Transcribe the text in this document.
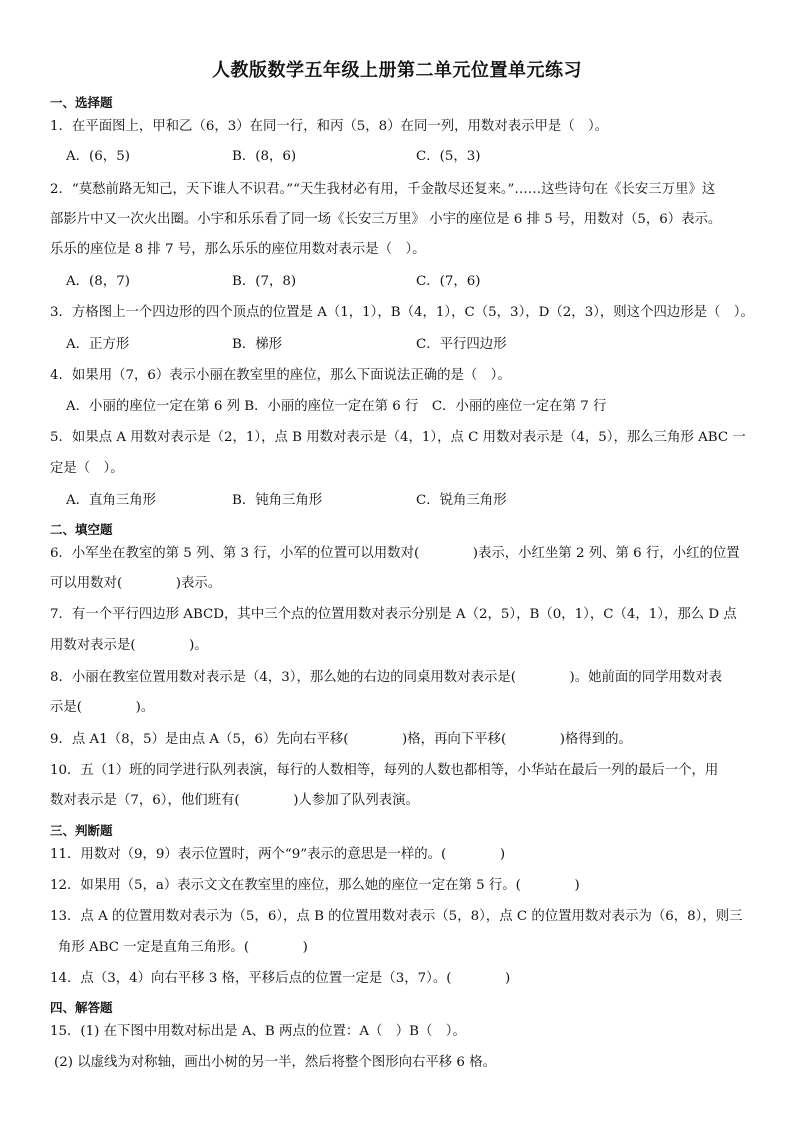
人教版数学五年级上册第二单元位置单元练习
一、选择题
1．在平面图上，甲和乙（6，3）在同一行，和丙（5，8）在同一列，用数对表示甲是（　）。
A．(6，5)	B．(8，6)	C．(5，3)
2．“莫愁前路无知己，天下谁人不识君。”“天生我材必有用，千金散尽还复来。”……这些诗句在《长安三万里》这
部影片中又一次火出圈。小宇和乐乐看了同一场《长安三万里》 小宇的座位是 6 排 5 号，用数对（5，6）表示。
乐乐的座位是 8 排 7 号，那么乐乐的座位用数对表示是（　）。
A．(8，7)	B．(7，8)	C．(7，6)
3．方格图上一个四边形的四个顶点的位置是 A（1，1），B（4，1），C（5，3），D（2，3），则这个四边形是（　）。
A．正方形	B．梯形	C．平行四边形
4．如果用（7，6）表示小丽在教室里的座位，那么下面说法正确的是（　）。
A．小丽的座位一定在第 6 列 B．小丽的座位一定在第 6 行　C．小丽的座位一定在第 7 行
5．如果点 A 用数对表示是（2，1），点 B 用数对表示是（4，1），点 C 用数对表示是（4，5），那么三角形 ABC 一
定是（　）。
A．直角三角形	B．钝角三角形	C．锐角三角形
二、填空题
6．小军坐在教室的第 5 列、第 3 行，小军的位置可以用数对(　　　　)表示，小红坐第 2 列、第 6 行，小红的位置
可以用数对(　　　　)表示。
7．有一个平行四边形 ABCD，其中三个点的位置用数对表示分别是 A（2，5），B（0，1），C（4，1），那么 D 点
用数对表示是(　　　　)。
8．小丽在教室位置用数对表示是（4，3），那么她的右边的同桌用数对表示是(　　　　)。她前面的同学用数对表
示是(　　　　)。
9．点 A1（8，5）是由点 A（5，6）先向右平移(　　　　)格，再向下平移(　　　　)格得到的。
10．五（1）班的同学进行队列表演，每行的人数相等，每列的人数也都相等，小华站在最后一列的最后一个，用
数对表示是（7，6），他们班有(　　　　)人参加了队列表演。
三、判断题
11．用数对（9，9）表示位置时，两个“9”表示的意思是一样的。(　　　　)
12．如果用（5，a）表示文文在教室里的座位，那么她的座位一定在第 5 行。(　　　　)
13．点 A 的位置用数对表示为（5，6），点 B 的位置用数对表示（5，8），点 C 的位置用数对表示为（6，8），则三
角形 ABC 一定是直角三角形。(　　　　)
14．点（3，4）向右平移 3 格，平移后点的位置一定是（3，7）。(　　　　)
四、解答题
15．(1) 在下图中用数对标出是 A、B 两点的位置：A（　）B（　）。
(2) 以虚线为对称轴，画出小树的另一半，然后将整个图形向右平移 6 格。
